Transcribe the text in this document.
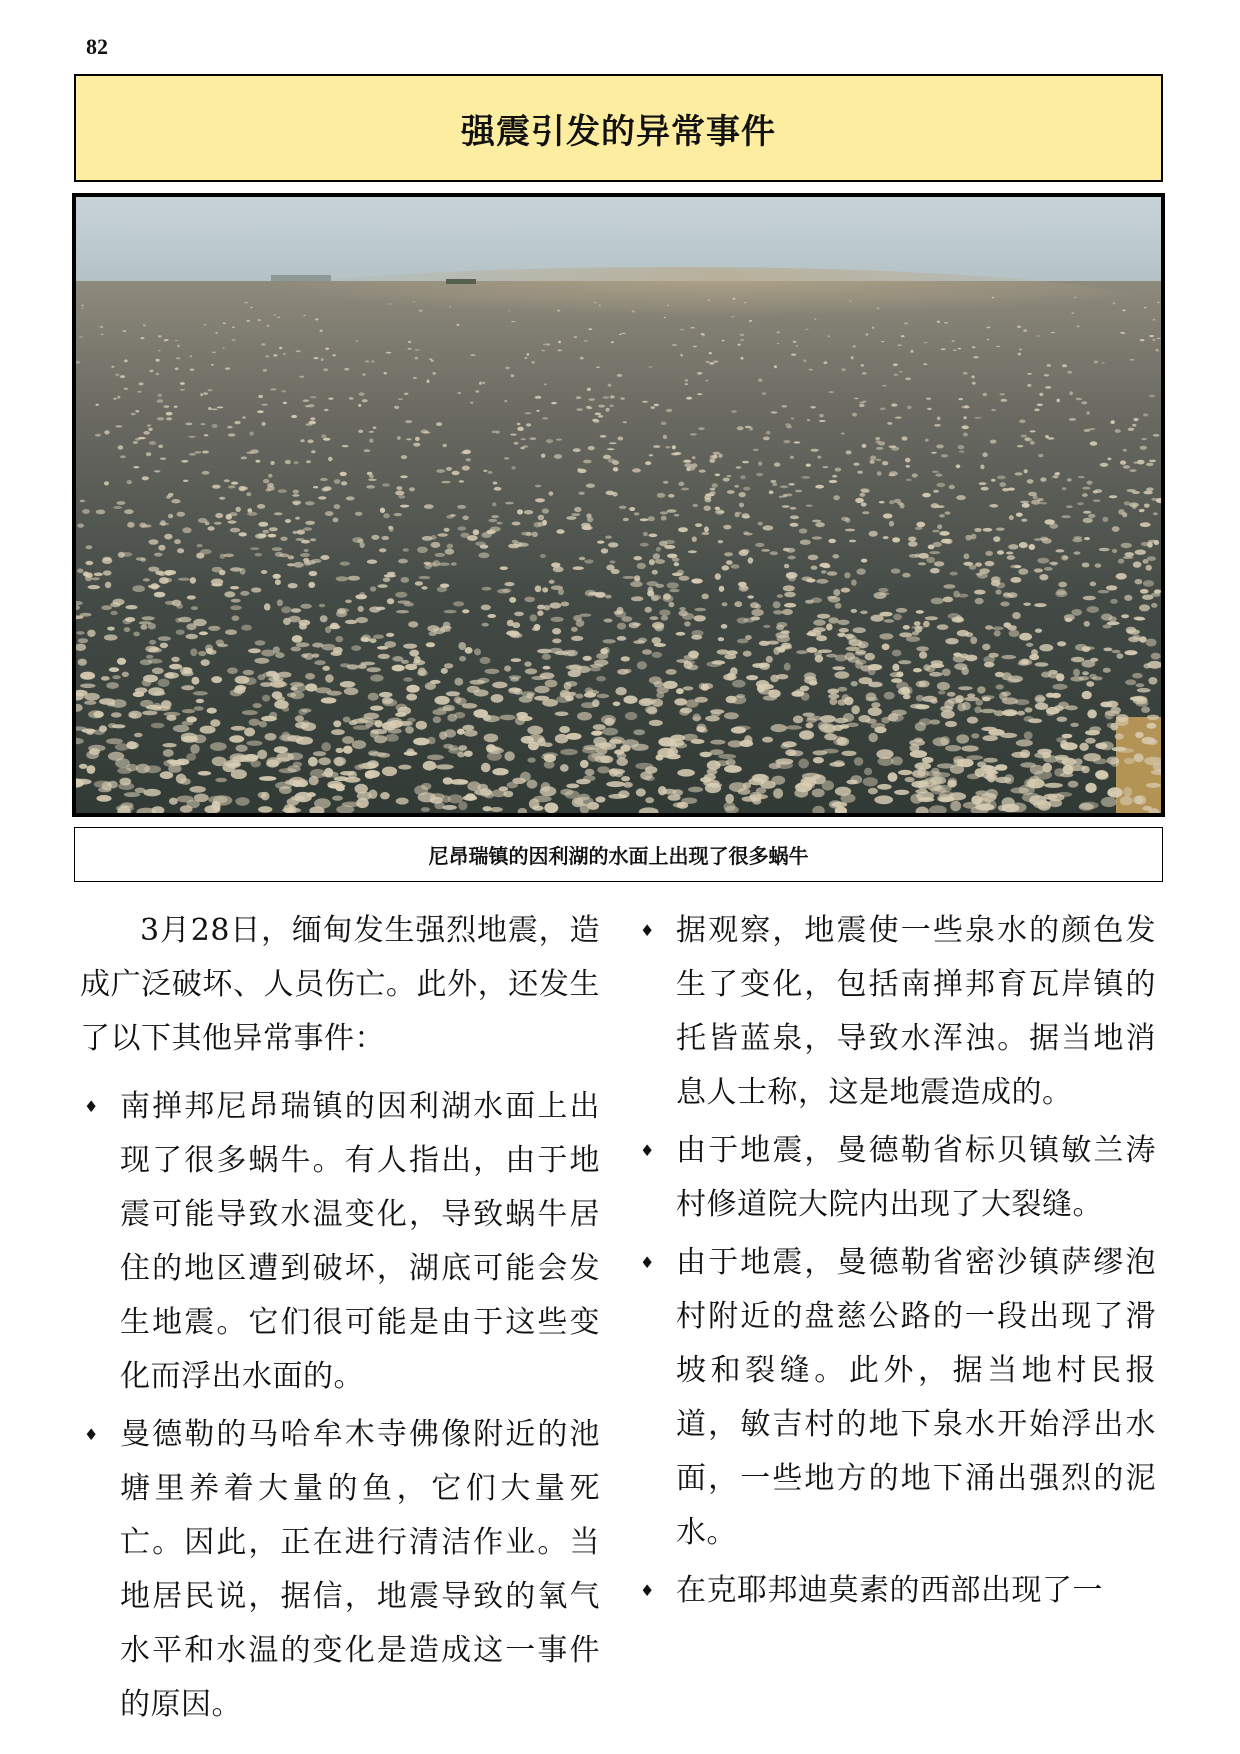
82
强震引发的异常事件
尼昂瑞镇的因利湖的水面上出现了很多蜗牛

3月28日，缅甸发生强烈地震，造成广泛破坏、人员伤亡。此外，还发生了以下其他异常事件：

♦ 南掸邦尼昂瑞镇的因利湖水面上出现了很多蜗牛。有人指出，由于地震可能导致水温变化，导致蜗牛居住的地区遭到破坏，湖底可能会发生地震。它们很可能是由于这些变化而浮出水面的。
♦ 曼德勒的马哈牟木寺佛像附近的池塘里养着大量的鱼，它们大量死亡。因此，正在进行清洁作业。当地居民说，据信，地震导致的氧气水平和水温的变化是造成这一事件的原因。
♦ 据观察，地震使一些泉水的颜色发生了变化，包括南掸邦育瓦岸镇的托皆蓝泉，导致水浑浊。据当地消息人士称，这是地震造成的。
♦ 由于地震，曼德勒省标贝镇敏兰涛村修道院大院内出现了大裂缝。
♦ 由于地震，曼德勒省密沙镇萨缪泡村附近的盘慈公路的一段出现了滑坡和裂缝。此外，据当地村民报道，敏吉村的地下泉水开始浮出水面，一些地方的地下涌出强烈的泥水。
♦ 在克耶邦迪莫素的西部出现了一
